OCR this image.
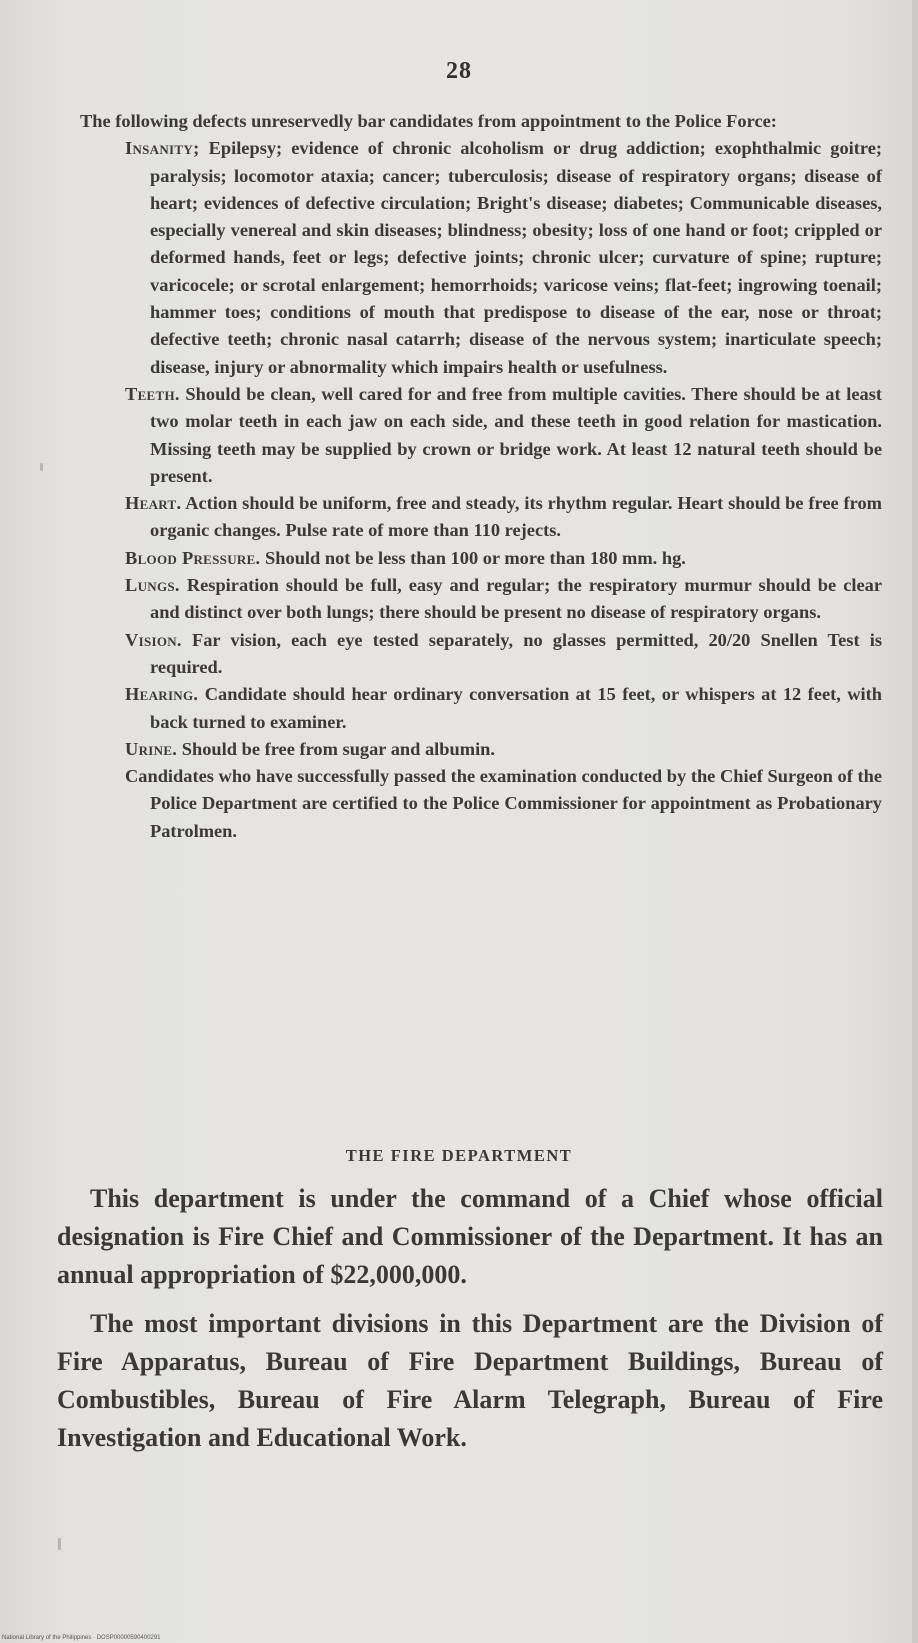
28

The following defects unreservedly bar candidates from appointment to the Police Force:

Insanity; Epilepsy; evidence of chronic alcoholism or drug addiction; exophthalmic goitre; paralysis; locomotor ataxia; cancer; tuberculosis; disease of respiratory organs; disease of heart; evidences of defective circulation; Bright's disease; diabetes; Communicable diseases, especially venereal and skin diseases; blindness; obesity; loss of one hand or foot; crippled or deformed hands, feet or legs; defective joints; chronic ulcer; curvature of spine; rupture; varicocele; or scrotal enlargement; hemorrhoids; varicose veins; flat-feet; ingrowing toenail; hammer toes; conditions of mouth that predispose to disease of the ear, nose or throat; defective teeth; chronic nasal catarrh; disease of the nervous system; inarticulate speech; disease, injury or abnormality which impairs health or usefulness.

Teeth. Should be clean, well cared for and free from multiple cavities. There should be at least two molar teeth in each jaw on each side, and these teeth in good relation for mastication. Missing teeth may be supplied by crown or bridge work. At least 12 natural teeth should be present.

Heart. Action should be uniform, free and steady, its rhythm regular. Heart should be free from organic changes. Pulse rate of more than 110 rejects.

Blood Pressure. Should not be less than 100 or more than 180 mm. hg.

Lungs. Respiration should be full, easy and regular; the respiratory murmur should be clear and distinct over both lungs; there should be present no disease of respiratory organs.

Vision. Far vision, each eye tested separately, no glasses permitted, 20/20 Snellen Test is required.

Hearing. Candidate should hear ordinary conversation at 15 feet, or whispers at 12 feet, with back turned to examiner.

Urine. Should be free from sugar and albumin.

Candidates who have successfully passed the examination conducted by the Chief Surgeon of the Police Department are certified to the Police Commissioner for appointment as Probationary Patrolmen.

THE FIRE DEPARTMENT

This department is under the command of a Chief whose official designation is Fire Chief and Commissioner of the Department. It has an annual appropriation of $22,000,000.

The most important divisions in this Department are the Division of Fire Apparatus, Bureau of Fire Department Buildings, Bureau of Combustibles, Bureau of Fire Alarm Telegraph, Bureau of Fire Investigation and Educational Work.

National Library of the Philippines · DOSP00000590400291
